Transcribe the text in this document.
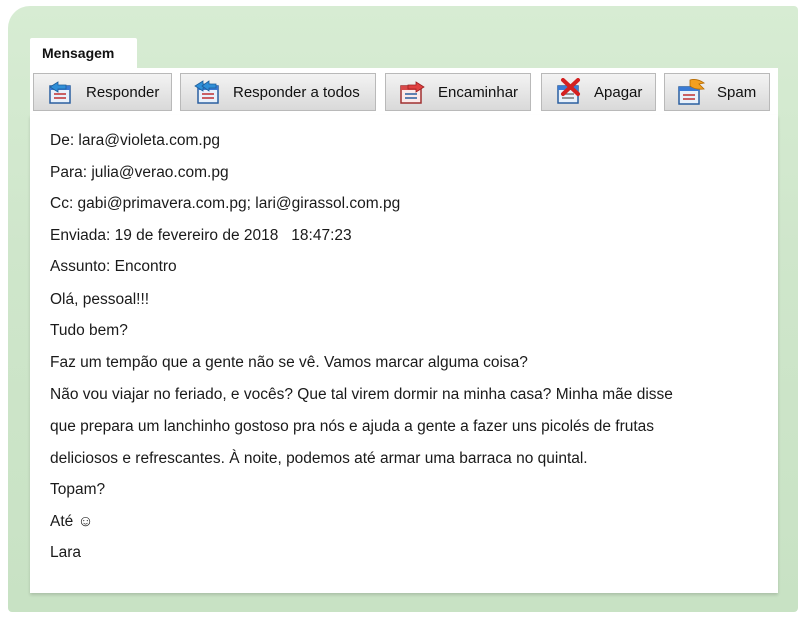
Mensagem
Responder	Responder a todos	Encaminhar	Apagar	Spam
De: lara@violeta.com.pg
Para: julia@verao.com.pg
Cc: gabi@primavera.com.pg; lari@girassol.com.pg
Enviada: 19 de fevereiro de 2018   18:47:23
Assunto: Encontro
Olá, pessoal!!!
Tudo bem?
Faz um tempão que a gente não se vê. Vamos marcar alguma coisa?
Não vou viajar no feriado, e vocês? Que tal virem dormir na minha casa? Minha mãe disse
que prepara um lanchinho gostoso pra nós e ajuda a gente a fazer uns picolés de frutas
deliciosos e refrescantes. À noite, podemos até armar uma barraca no quintal.
Topam?
Até ☺
Lara
